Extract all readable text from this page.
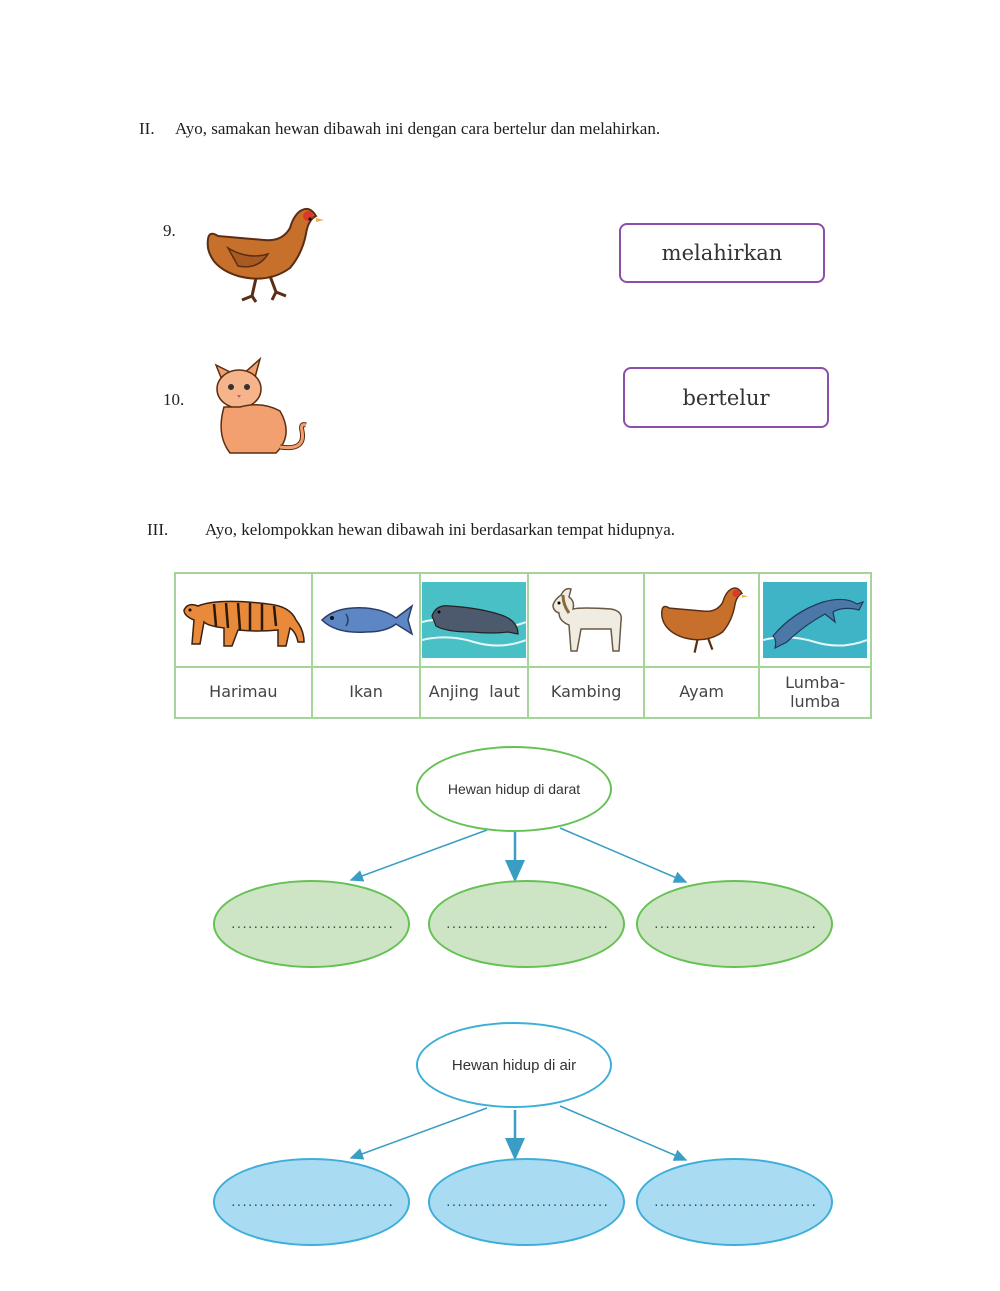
II. Ayo, samakan hewan dibawah ini dengan cara bertelur dan melahirkan.
9.
melahirkan
10.	bertelur
III. Ayo, kelompokkan hewan dibawah ini berdasarkan tempat hidupnya.

Harimau	Ikan	Anjing  laut	Kambing	Ayam	Lumba-
lumba
Hewan hidup di darat
.............................	.............................	.............................
Hewan hidup di air
.............................	.............................	.............................
